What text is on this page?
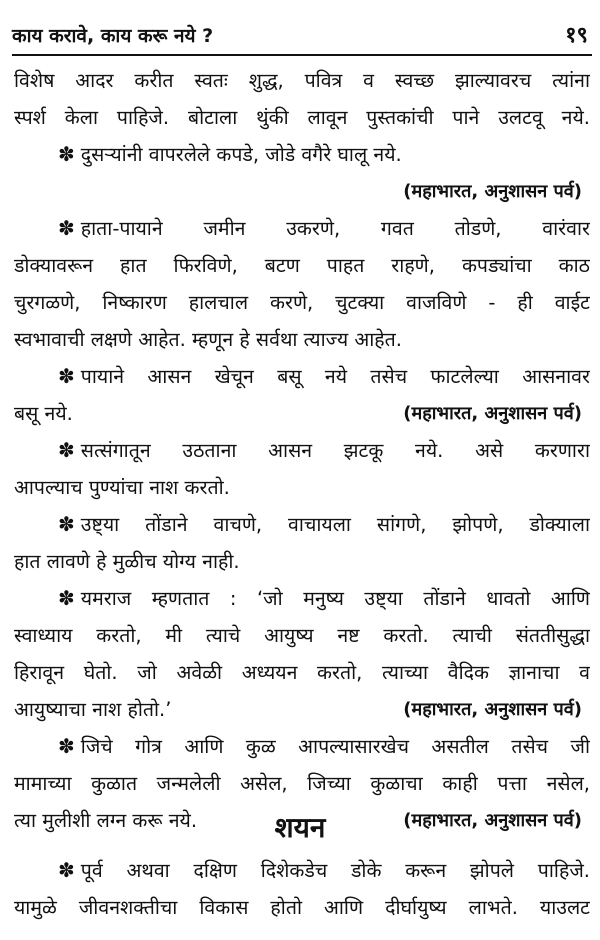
काय करावे, काय करू नये ?	१९
विशेष आदर करीत स्वतः शुद्ध, पवित्र व स्वच्छ झाल्यावरच त्यांना
स्पर्श केला पाहिजे. बोटाला थुंकी लावून पुस्तकांची पाने उलटवू नये.
✽ दुसऱ्यांनी वापरलेले कपडे, जोडे वगैरे घालू नये.
(महाभारत, अनुशासन पर्व)
✽ हाता-पायाने जमीन उकरणे, गवत तोडणे, वारंवार
डोक्यावरून हात फिरविणे, बटण पाहत राहणे, कपड्यांचा काठ
चुरगळणे, निष्कारण हालचाल करणे, चुटक्या वाजविणे - ही वाईट
स्वभावाची लक्षणे आहेत. म्हणून हे सर्वथा त्याज्य आहेत.
✽ पायाने आसन खेचून बसू नये तसेच फाटलेल्या आसनावर
बसू नये.	(महाभारत, अनुशासन पर्व)
✽ सत्संगातून उठताना आसन झटकू नये. असे करणारा
आपल्याच पुण्यांचा नाश करतो.
✽ उष्ट्या तोंडाने वाचणे, वाचायला सांगणे, झोपणे, डोक्याला
हात लावणे हे मुळीच योग्य नाही.
✽ यमराज म्हणतात : ‘जो मनुष्य उष्ट्या तोंडाने धावतो आणि
स्वाध्याय करतो, मी त्याचे आयुष्य नष्ट करतो. त्याची संततीसुद्धा
हिरावून घेतो. जो अवेळी अध्ययन करतो, त्याच्या वैदिक ज्ञानाचा व
आयुष्याचा नाश होतो.’	(महाभारत, अनुशासन पर्व)
✽ जिचे गोत्र आणि कुळ आपल्यासारखेच असतील तसेच जी
मामाच्या कुळात जन्मलेली असेल, जिच्या कुळाचा काही पत्ता नसेल,
त्या मुलीशी लग्न करू नये.	(महाभारत, अनुशासन पर्व)
शयन
✽ पूर्व अथवा दक्षिण दिशेकडेच डोके करून झोपले पाहिजे.
यामुळे जीवनशक्तीचा विकास होतो आणि दीर्घायुष्य लाभते. याउलट
